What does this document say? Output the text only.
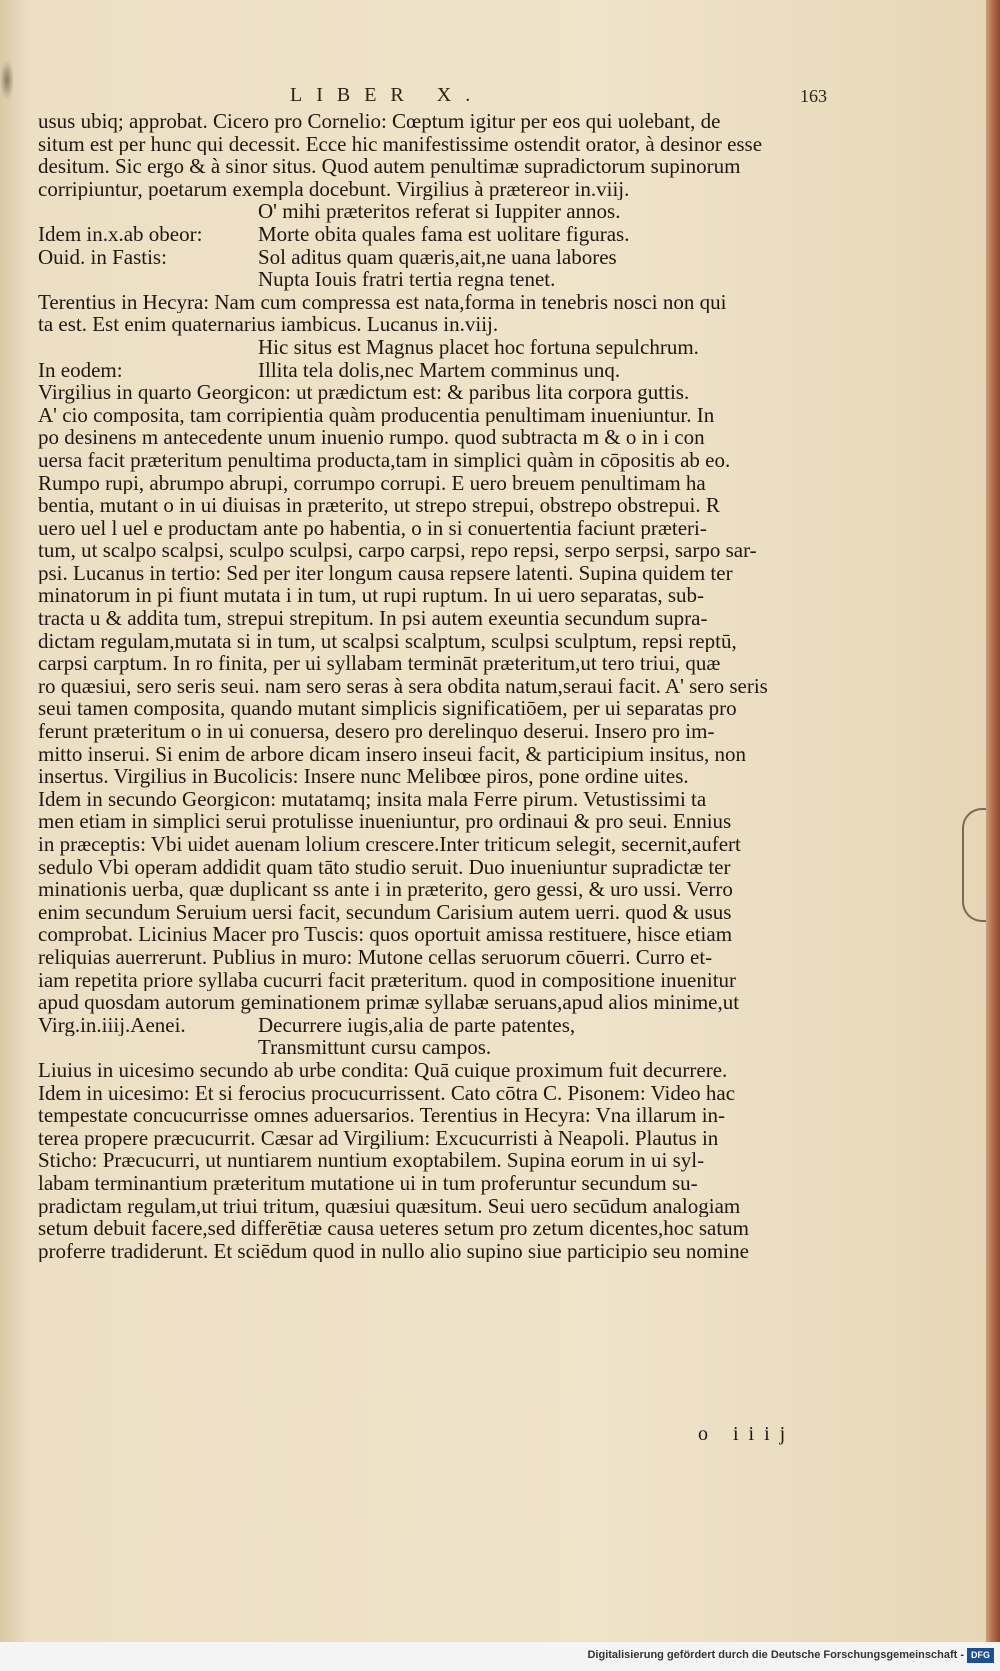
LIBER X.	163
usus ubiq; approbat. Cicero pro Cornelio: Cœptum igitur per eos qui uolebant, de
situm est per hunc qui decessit. Ecce hic manifestissime ostendit orator, à desinor esse
desitum. Sic ergo & à sinor situs. Quod autem penultimæ supradictorum supinorum
corripiuntur, poetarum exempla docebunt. Virgilius à prætereor in.viij.
O' mihi præteritos referat si Iuppiter annos.
Idem in.x.ab obeor:	Morte obita quales fama est uolitare figuras.
Ouid. in Fastis:	Sol aditus quam quæris,ait,ne uana labores
Nupta Iouis fratri tertia regna tenet.
Terentius in Hecyra: Nam cum compressa est nata,forma in tenebris nosci non qui
ta est. Est enim quaternarius iambicus. Lucanus in.viij.
Hic situs est Magnus placet hoc fortuna sepulchrum.
In eodem:	Illita tela dolis,nec Martem comminus unq.
Virgilius in quarto Georgicon: ut prædictum est: & paribus lita corpora guttis.
A' cio composita, tam corripientia quàm producentia penultimam inueniuntur. In
po desinens m antecedente unum inuenio rumpo. quod subtracta m & o in i con
uersa facit præteritum penultima producta,tam in simplici quàm in cōpositis ab eo.
Rumpo rupi, abrumpo abrupi, corrumpo corrupi. E uero breuem penultimam ha
bentia, mutant o in ui diuisas in præterito, ut strepo strepui, obstrepo obstrepui. R
uero uel l uel e productam ante po habentia, o in si conuertentia faciunt præteri-
tum, ut scalpo scalpsi, sculpo sculpsi, carpo carpsi, repo repsi, serpo serpsi, sarpo sar-
psi. Lucanus in tertio: Sed per iter longum causa repsere latenti. Supina quidem ter
minatorum in pi fiunt mutata i in tum, ut rupi ruptum. In ui uero separatas, sub-
tracta u & addita tum, strepui strepitum. In psi autem exeuntia secundum supra-
dictam regulam,mutata si in tum, ut scalpsi scalptum, sculpsi sculptum, repsi reptū,
carpsi carptum. In ro finita, per ui syllabam termināt præteritum,ut tero triui, quæ
ro quæsiui, sero seris seui. nam sero seras à sera obdita natum,seraui facit. A' sero seris
seui tamen composita, quando mutant simplicis significatiōem, per ui separatas pro
ferunt præteritum o in ui conuersa, desero pro derelinquo deserui. Insero pro im-
mitto inserui. Si enim de arbore dicam insero inseui facit, & participium insitus, non
insertus. Virgilius in Bucolicis: Insere nunc Melibœe piros, pone ordine uites.
Idem in secundo Georgicon: mutatamq; insita mala Ferre pirum. Vetustissimi ta
men etiam in simplici serui protulisse inueniuntur, pro ordinaui & pro seui. Ennius
in præceptis: Vbi uidet auenam lolium crescere.Inter triticum selegit, secernit,aufert
sedulo Vbi operam addidit quam tāto studio seruit. Duo inueniuntur supradictæ ter
minationis uerba, quæ duplicant ss ante i in præterito, gero gessi, & uro ussi. Verro
enim secundum Seruium uersi facit, secundum Carisium autem uerri. quod & usus
comprobat. Licinius Macer pro Tuscis: quos oportuit amissa restituere, hisce etiam
reliquias auerrerunt. Publius in muro: Mutone cellas seruorum cōuerri. Curro et-
iam repetita priore syllaba cucurri facit præteritum. quod in compositione inuenitur
apud quosdam autorum geminationem primæ syllabæ seruans,apud alios minime,ut
Virg.in.iiij.Aenei.	Decurrere iugis,alia de parte patentes,
Transmittunt cursu campos.
Liuius in uicesimo secundo ab urbe condita: Quā cuique proximum fuit decurrere.
Idem in uicesimo: Et si ferocius procucurrissent. Cato cōtra C. Pisonem: Video hac
tempestate concucurrisse omnes aduersarios. Terentius in Hecyra: Vna illarum in-
terea propere præcucurrit. Cæsar ad Virgilium: Excucurristi à Neapoli. Plautus in
Sticho: Præcucurri, ut nuntiarem nuntium exoptabilem. Supina eorum in ui syl-
labam terminantium præteritum mutatione ui in tum proferuntur secundum su-
pradictam regulam,ut triui tritum, quæsiui quæsitum. Seui uero secūdum analogiam
setum debuit facere,sed differētiæ causa ueteres setum pro zetum dicentes,hoc satum
proferre tradiderunt. Et sciēdum quod in nullo alio supino siue participio seu nomine
o iiij
Digitalisierung gefördert durch die Deutsche Forschungsgemeinschaft - DFG
